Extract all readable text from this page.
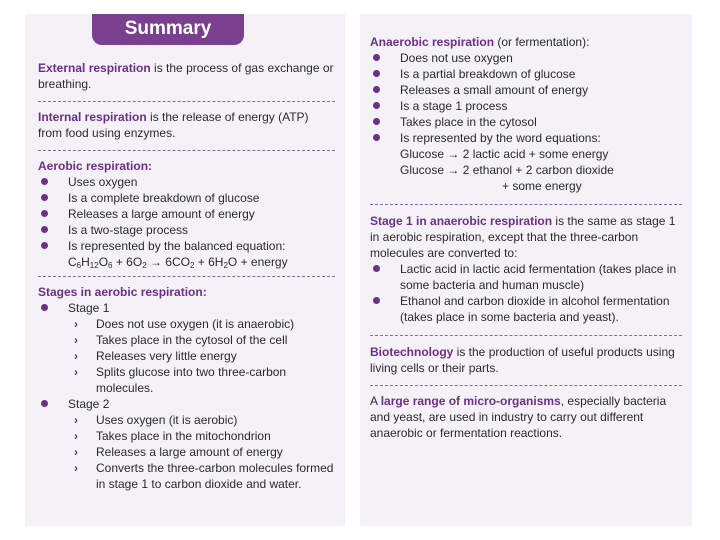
Summary

External respiration is the process of gas exchange or breathing.

Internal respiration is the release of energy (ATP) from food using enzymes.

Aerobic respiration:

Uses oxygen
Is a complete breakdown of glucose
Releases a large amount of energy
Is a two-stage process
Is represented by the balanced equation:
$C_6H_{12}O_6 + 6O_2 \to 6CO_2 + 6H_2O$ + energy

Stages in aerobic respiration:

Stage 1
› Does not use oxygen (it is anaerobic)
› Takes place in the cytosol of the cell
› Releases very little energy
› Splits glucose into two three-carbon molecules.
Stage 2
› Uses oxygen (it is aerobic)
› Takes place in the mitochondrion
› Releases a large amount of energy
› Converts the three-carbon molecules formed in stage 1 to carbon dioxide and water.

Anaerobic respiration (or fermentation):

Does not use oxygen
Is a partial breakdown of glucose
Releases a small amount of energy
Is a stage 1 process
Takes place in the cytosol
Is represented by the word equations:
Glucose → 2 lactic acid + some energy
Glucose → 2 ethanol + 2 carbon dioxide
+ some energy

Stage 1 in anaerobic respiration is the same as stage 1 in aerobic respiration, except that the three-carbon molecules are converted to:

Lactic acid in lactic acid fermentation (takes place in some bacteria and human muscle)
Ethanol and carbon dioxide in alcohol fermentation (takes place in some bacteria and yeast).

Biotechnology is the production of useful products using living cells or their parts.

A large range of micro-organisms, especially bacteria and yeast, are used in industry to carry out different anaerobic or fermentation reactions.
